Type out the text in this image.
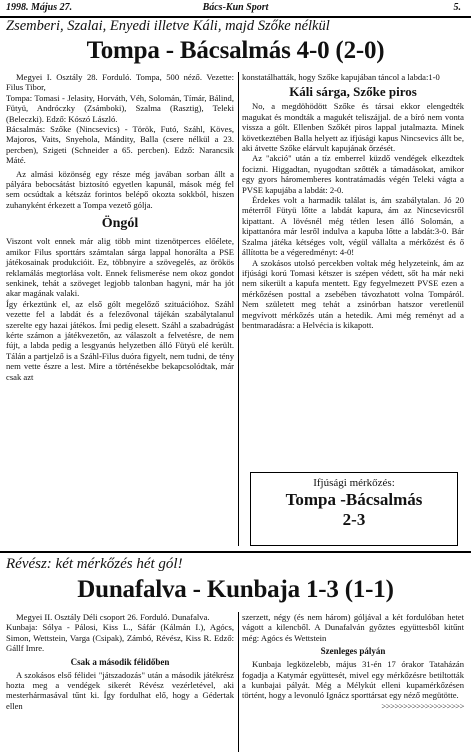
1998. Május 27.	Bács-Kun Sport	5.
Zsemberi, Szalai, Enyedi illetve Káli, majd Szőke nélkül
Tompa - Bácsalmás 4-0 (2-0)

Megyei I. Osztály 28. Forduló. Tompa, 500 néző. Vezette: Filus Tibor,

Tompa: Tomasi - Jelasity, Horváth, Véh, Solomán, Tímár, Bálind, Fütyü, Andróczky (Zsámboki), Szalma (Rasztig), Teleki (Beleczki). Edző: Kószó László.

Bácsalmás: Szőke (Nincsevics) - Török, Futó, Száhl, Köves, Majoros, Vaits, Snyehola, Mándity, Balla (csere nélkül a 23. percben), Szigeti (Schneider a 65. percben). Edző: Narancsik Máté.

Az almási közönség egy része még javában sorban állt a pályára bebocsátást biztosító egyetlen kapunál, mások még fel sem ocsúdtak a kétszáz forintos belépő okozta sokkból, hiszen zuhanyként érkezett a Tompa vezető gólja.

Öngól

Viszont volt ennek már alig több mint tizenötperces előélete, amikor Filus sporttárs számtalan sárga lappal honorálta a PSE játékosainak produkcióit. Ez, többnyire a szövegelés, az örökös reklamálás megtorlása volt. Ennek felismerése nem okoz gondot senkinek, tehát a szöveget legjobb talonban hagyni, már ha jót akar magának valaki.

Így érkeztünk el, az első gólt megelőző szituációhoz. Száhl vezette fel a labdát és a felezővonal tájékán szabálytalanul szerelte egy hazai játékos. Ími pedig elesett. Száhl a szabadrúgást kérte számon a játékvezetőn, az válaszolt a felvetésre, de nem fújt, a labda pedig a lesgyanús helyzetben álló Fütyü elé került. Tálán a partjelző is a Száhl-Filus duóra figyelt, nem tudni, de tény nem vette észre a lest. Mire a történésekbe bekapcsolódtak, már csak azt

konstatálhatták, hogy Szőke kapujában táncol a labda:1-0

Káli sárga, Szőke piros

No, a megdöhödött Szőke és társai ekkor elengedték magukat és mondták a magukét teliszájjal. de a bíró nem vonta vissza a gólt. Ellenben Szőkét piros lappal jutalmazta. Minek következtében Balla helyett az ifjúsági kapus Nincsevics állt be, aki átvette Szőke elárvult kapujának őrzését.

Az "akció" után a tíz emberrel küzdő vendégek elkezdtek focizni. Higgadtan, nyugodtan szőtték a támadásokat, amikor egy gyors háromemberes kontratámadás végén Teleki vágta a PVSE kapujába a labdát: 2-0.

Érdekes volt a harmadik találat is, ám szabálytalan. Jó 20 méterről Fütyü lőtte a labdát kapura, ám az Nincsevicsről kipattant. A lövésnél még tétlen lesen álló Solomán, a kipattanóra már lesről indulva a kapuba lőtte a labdát:3-0. Bár Szalma játéka kétséges volt, végül vállalta a mérkőzést és ő állította be a végeredményt: 4-0!

A szokásos utolsó percekben voltak még helyzeteink, ám az ifjúsági korú Tomasi kétszer is szépen védett, sőt ha már neki nem sikerült a kapufa mentett. Egy fegyelmezett PVSE ezen a mérkőzésen posttal a zsebében távozhatott volna Tompáról. Nem született meg tehát a zsinórban hatszor veretlenül megvívott mérkőzés után a hetedik. Ami még reményt ad a bentmaradásra: a Helvécia is kikapott.

Ifjúsági mérkőzés:
Tompa -Bácsalmás
2-3
Révész: két mérkőzés hét gól!
Dunafalva - Kunbaja 1-3 (1-1)

Megyei II. Osztály Déli csoport 26. Forduló. Dunafalva.

Kunbaja: Sólya - Pálosi, Kiss L., Sáfár (Kálmán I.), Agócs, Simon, Wettstein, Vargа (Csipak), Zámbó, Révész, Kiss R. Edző: Gállf Imre.

Csak a második félidőben

A szokásos első félidei "játszadozás" után a második játékrész hozta meg a vendégek sikerét Révész vezérletével, aki mesterhármasával tűnt ki. Így fordulhat elő, hogy a Gédertak ellen

szerzett, négy (és nem három) góljával a két fordulóban hetet vágott a kilencből. A Dunafalván győztes együttesből kitűnt még: Agócs és Wettstein

Szenleges pályán

Kunbaja legközelebb, május 31-én 17 órakor Tataházán fogadja a Katymár együttesét, mivel egy mérkőzésre betiltották a kunbajai pályát. Még a Mélykút elleni kupamérkőzésen történt, hogy a levonuló Ignácz sporttársat egy néző megütötte.

>>>>>>>>>>>>>>>>>>>
